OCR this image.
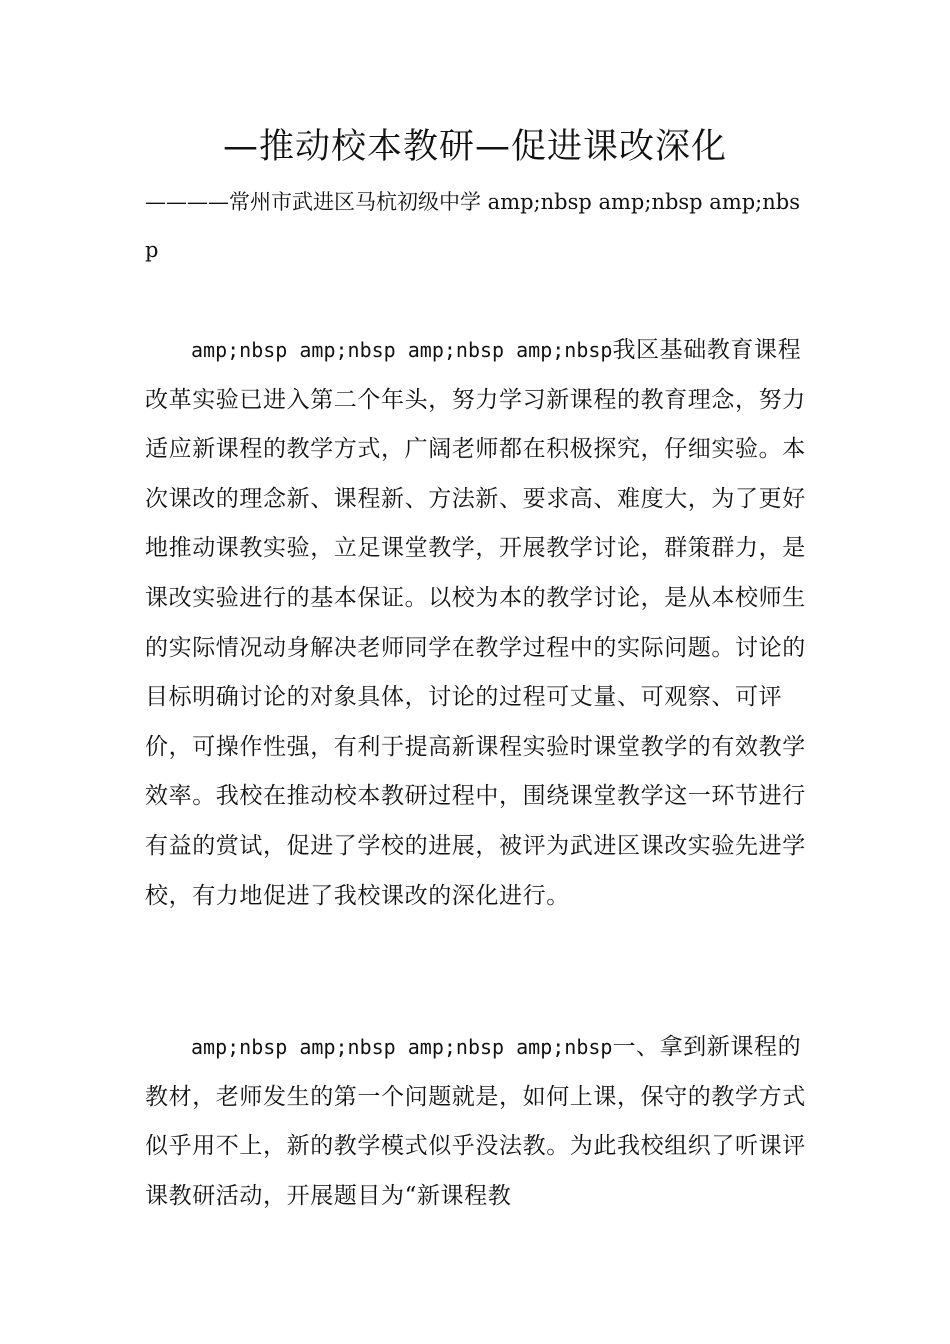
—推动校本教研—促进课改深化

————常州市武进区马杭初级中学 amp;nbsp amp;nbsp amp;nbsp

amp;nbsp amp;nbsp amp;nbsp amp;nbsp我区基础教育课程改革实验已进入第二个年头，努力学习新课程的教育理念，努力适应新课程的教学方式，广阔老师都在积极探究，仔细实验。本次课改的理念新、课程新、方法新、要求高、难度大，为了更好地推动课教实验，立足课堂教学，开展教学讨论，群策群力，是课改实验进行的基本保证。以校为本的教学讨论，是从本校师生的实际情况动身解决老师同学在教学过程中的实际问题。讨论的目标明确讨论的对象具体，讨论的过程可丈量、可观察、可评价，可操作性强，有利于提高新课程实验时课堂教学的有效教学效率。我校在推动校本教研过程中，围绕课堂教学这一环节进行有益的赏试，促进了学校的进展，被评为武进区课改实验先进学校，有力地促进了我校课改的深化进行。

amp;nbsp amp;nbsp amp;nbsp amp;nbsp一、拿到新课程的教材，老师发生的第一个问题就是，如何上课，保守的教学方式似乎用不上，新的教学模式似乎没法教。为此我校组织了听课评课教研活动，开展题目为“新课程教
